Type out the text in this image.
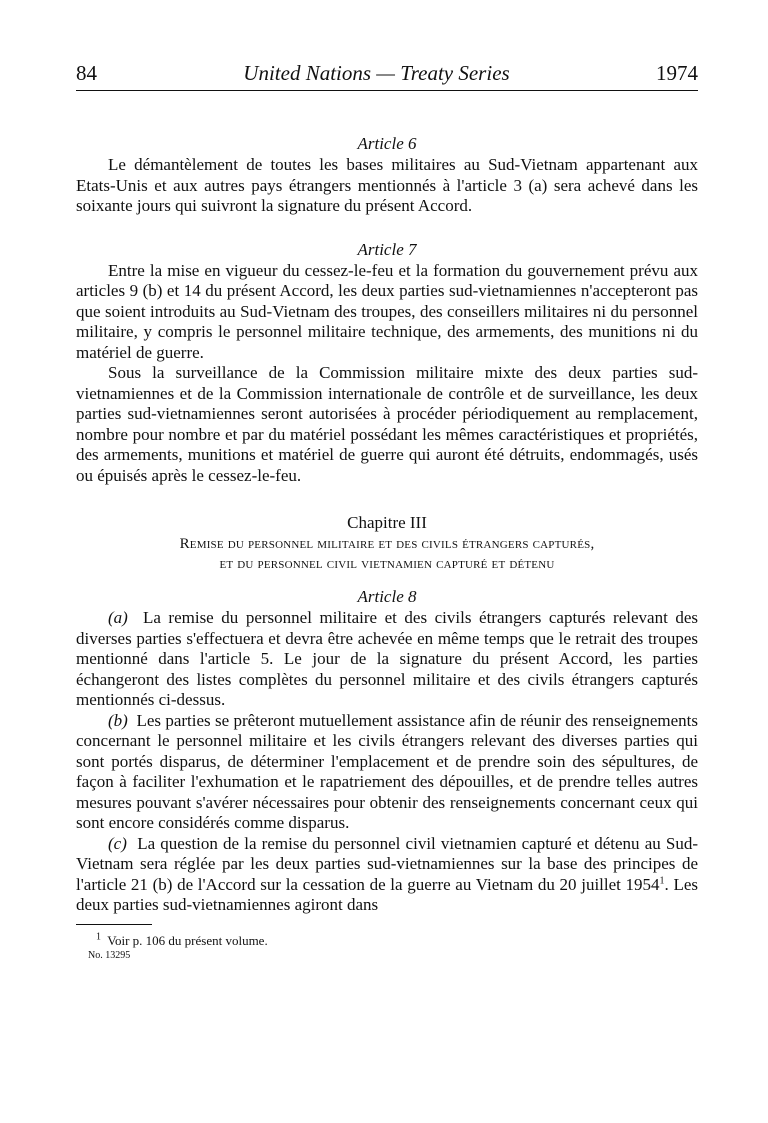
84	United Nations — Treaty Series	1974

Article 6

Le démantèlement de toutes les bases militaires au Sud-Vietnam appartenant aux Etats-Unis et aux autres pays étrangers mentionnés à l'article 3 (a) sera achevé dans les soixante jours qui suivront la signature du présent Accord.

Article 7

Entre la mise en vigueur du cessez-le-feu et la formation du gouvernement prévu aux articles 9 (b) et 14 du présent Accord, les deux parties sud-vietnamiennes n'accepteront pas que soient introduits au Sud-Vietnam des troupes, des conseillers militaires ni du personnel militaire, y compris le personnel militaire technique, des armements, des munitions ni du matériel de guerre.

Sous la surveillance de la Commission militaire mixte des deux parties sud-vietnamiennes et de la Commission internationale de contrôle et de surveillance, les deux parties sud-vietnamiennes seront autorisées à procéder périodiquement au remplacement, nombre pour nombre et par du matériel possédant les mêmes caractéristiques et propriétés, des armements, munitions et matériel de guerre qui auront été détruits, endommagés, usés ou épuisés après le cessez-le-feu.

Chapitre III

Remise du personnel militaire et des civils étrangers capturés,

et du personnel civil vietnamien capturé et détenu

Article 8

(a) La remise du personnel militaire et des civils étrangers capturés relevant des diverses parties s'effectuera et devra être achevée en même temps que le retrait des troupes mentionné dans l'article 5. Le jour de la signature du présent Accord, les parties échangeront des listes complètes du personnel militaire et des civils étrangers capturés mentionnés ci-dessus.

(b) Les parties se prêteront mutuellement assistance afin de réunir des renseignements concernant le personnel militaire et les civils étrangers relevant des diverses parties qui sont portés disparus, de déterminer l'emplacement et de prendre soin des sépultures, de façon à faciliter l'exhumation et le rapatriement des dépouilles, et de prendre telles autres mesures pouvant s'avérer nécessaires pour obtenir des renseignements concernant ceux qui sont encore considérés comme disparus.

(c) La question de la remise du personnel civil vietnamien capturé et détenu au Sud-Vietnam sera réglée par les deux parties sud-vietnamiennes sur la base des principes de l'article 21 (b) de l'Accord sur la cessation de la guerre au Vietnam du 20 juillet 1954$^1$. Les deux parties sud-vietnamiennes agiront dans

$^1$ Voir p. 106 du présent volume.

No. 13295
